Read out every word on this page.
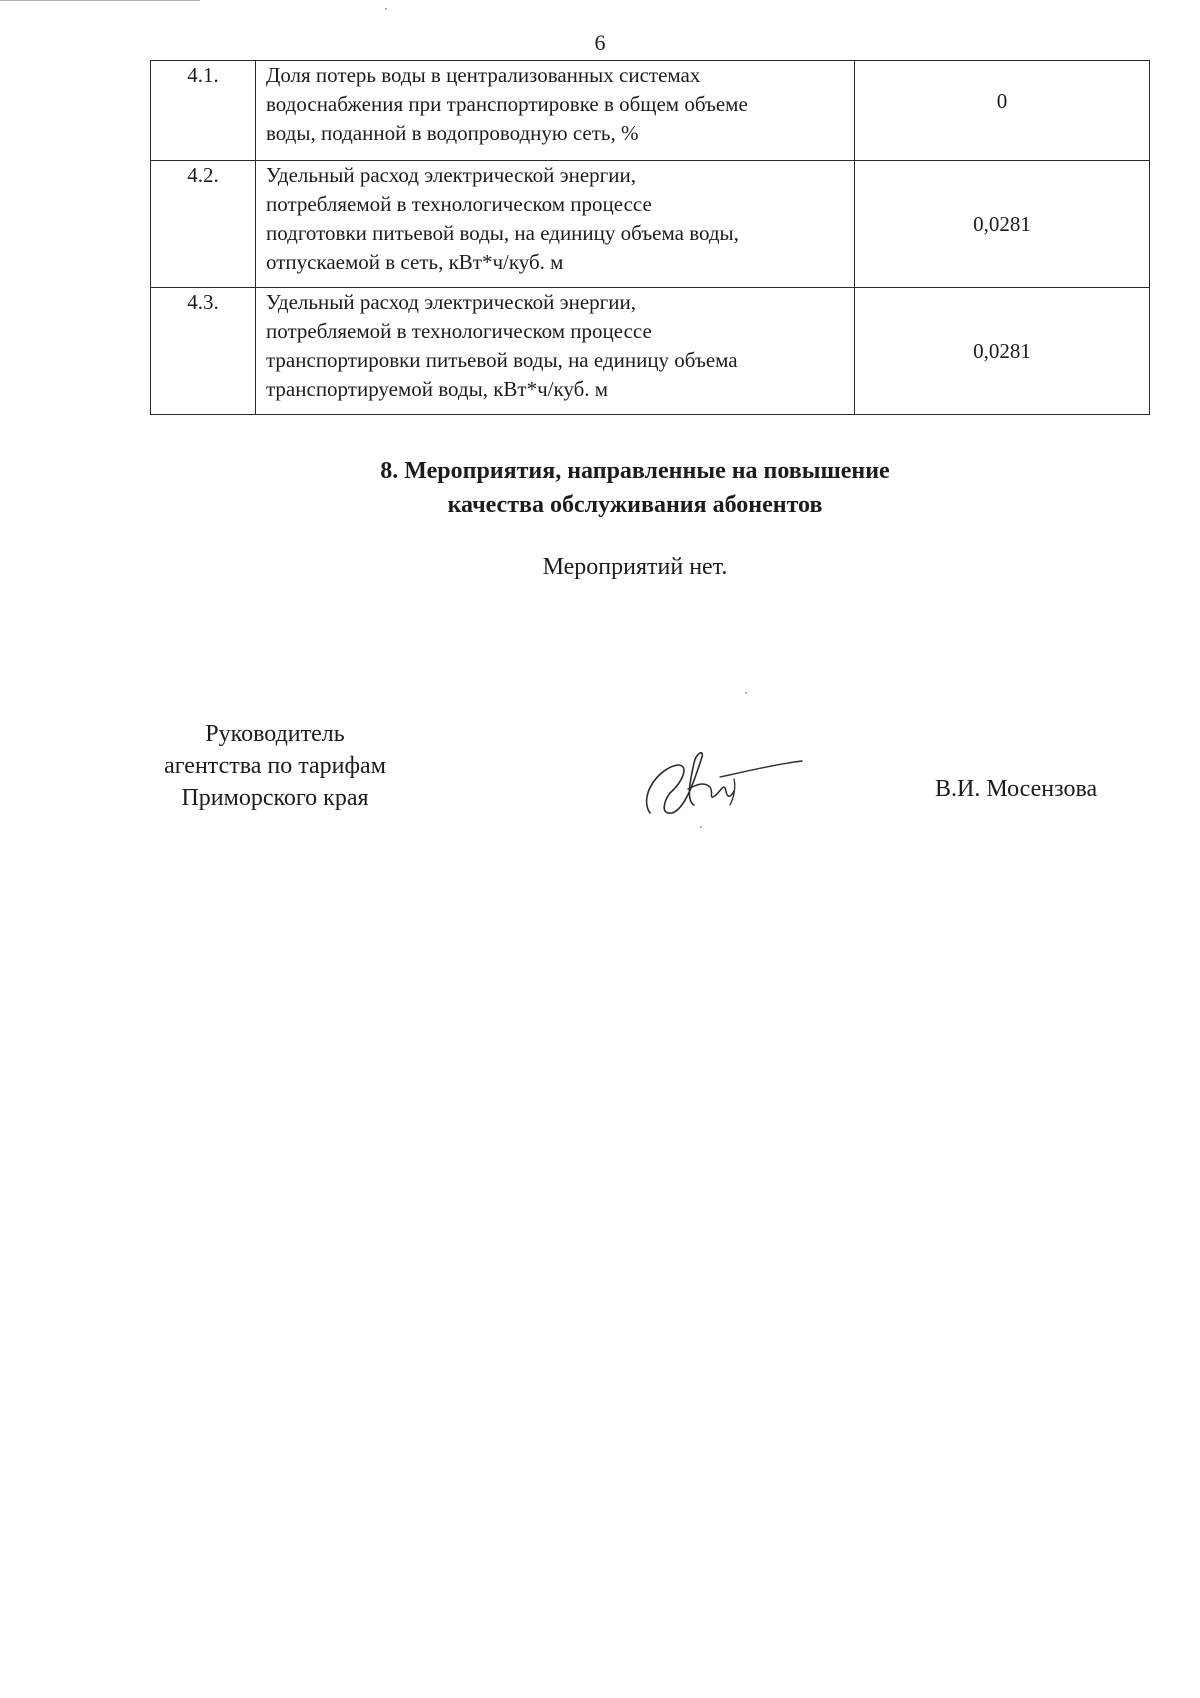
6
4.1.	Доля потерь воды в централизованных системах
водоснабжения при транспортировке в общем объеме
воды, поданной в водопроводную сеть, %	0

4.2.	Удельный расход электрической энергии,
потребляемой в технологическом процессе
подготовки питьевой воды, на единицу объема воды,
отпускаемой в сеть, кВт*ч/куб. м	0,0281
4.3.	Удельный расход электрической энергии,
потребляемой в технологическом процессе
транспортировки питьевой воды, на единицу объема
транспортируемой воды, кВт*ч/куб. м	0,0281
8. Мероприятия, направленные на повышение
качества обслуживания абонентов
Мероприятий нет.
Руководитель
агентства по тарифам
Приморского края	В.И. Мосензова
